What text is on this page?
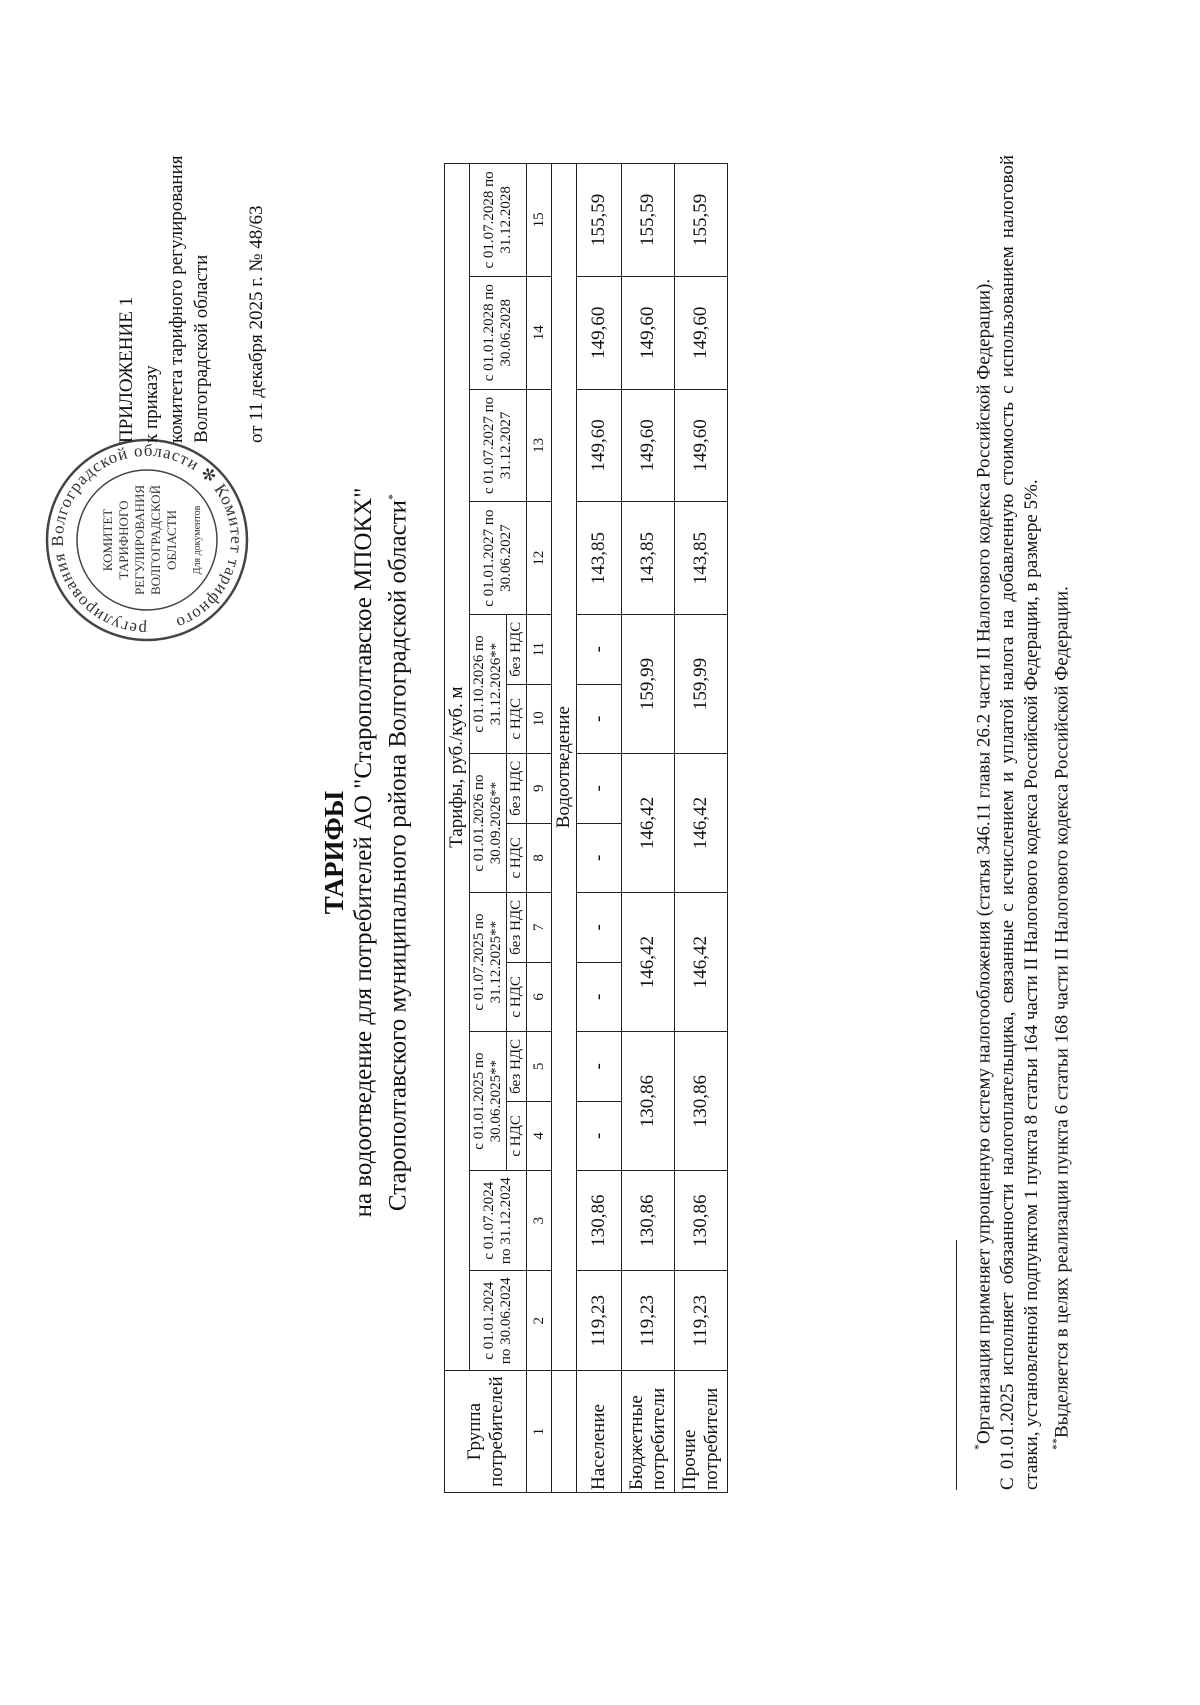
регулирования Волгоградской области ✻ Комитет тарифного
КОМИТЕТТАРИФНОГОРЕГУЛИРОВАНИЯВОЛГОГРАДСКОЙОБЛАСТИ Для документов
ПРИЛОЖЕНИЕ 1 к приказу комитета тарифного регулирования Волгоградской области от 11 декабря 2025 г. № 48/63
ТАРИФЫ на водоотведение для потребителей АО "Старополтавское МПОКХ" Старополтавского муниципального района Волгоградской области*
Группа потребителей	Тарифы, руб./куб. м													
	с 01.01.2024 по 30.06.2024	с 01.07.2024 по 31.12.2024	с 01.01.2025 по 30.06.2025**		с 01.07.2025 по 31.12.2025**		с 01.01.2026 по 30.09.2026**		с 01.10.2026 по 31.12.2026**		с 01.01.2027 по 30.06.2027	с 01.07.2027 по 31.12.2027	с 01.01.2028 по 30.06.2028	с 01.07.2028 по 31.12.2028
			с НДС	без НДС	с НДС	без НДС	с НДС	без НДС	с НДС	без НДС				
1	2	3	4	5	6	7	8	9	10	11	12	13	14	15
	Водоотведение													
Население	119,23	130,86	-	-	-	-	-	-	-	-	143,85	149,60	149,60	155,59
Бюджетные потребители	119,23	130,86	130,86		146,42		146,42		159,99		143,85	149,60	149,60	155,59
Прочие потребители	119,23	130,86	130,86		146,42		146,42		159,99		143,85	149,60	149,60	155,59

*Организация применяет упрощенную систему налогообложения (статья 346.11 главы 26.2 части II Налогового кодекса Российской Федерации). С 01.01.2025 исполняет обязанности налогоплательщика, связанные с исчислением и уплатой налога на добавленную стоимость с использованием налоговой ставки, установленной подпунктом 1 пункта 8 статьи 164 части II Налогового кодекса Российской Федерации, в размере 5%. **Выделяется в целях реализации пункта 6 статьи 168 части II Налогового кодекса Российской Федерации.
